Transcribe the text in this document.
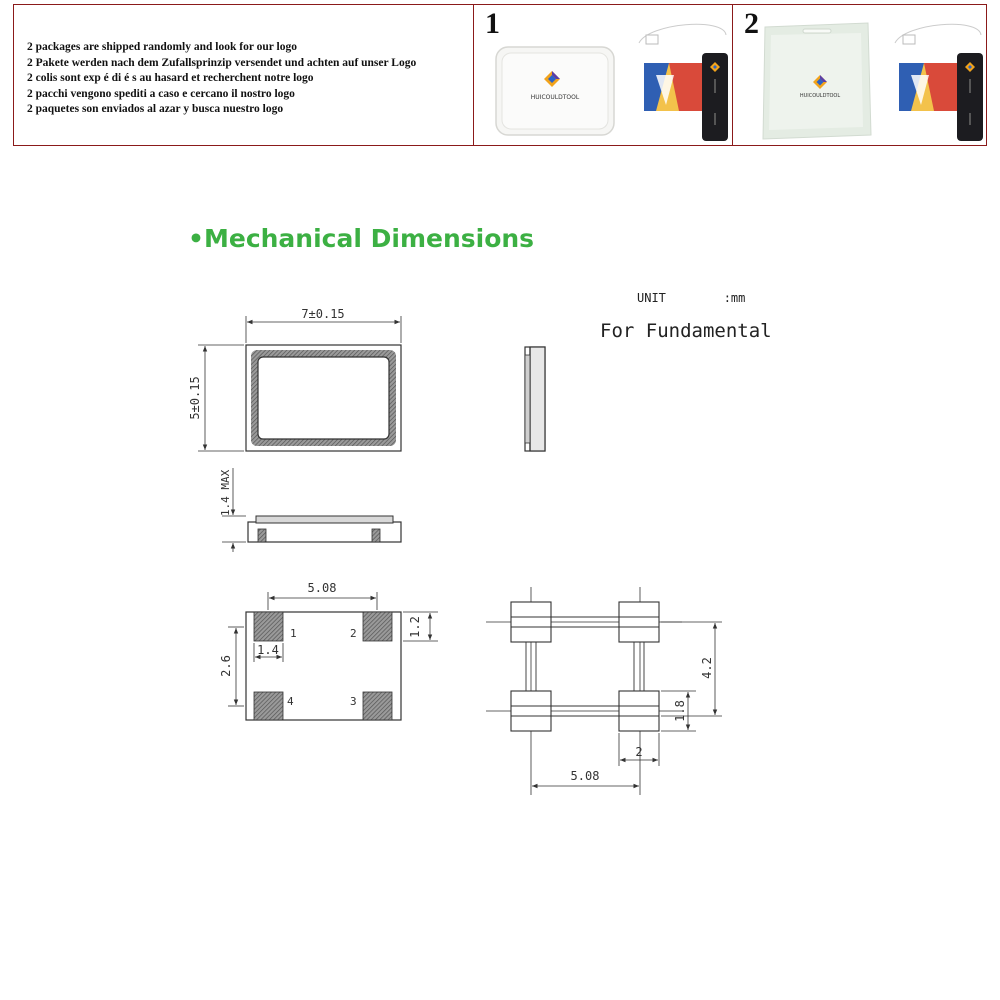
2 packages are shipped randomly and look for our logo
2 Pakete werden nach dem Zufallsprinzip versendet und achten auf unser Logo
2 colis sont exp é di é s au hasard et recherchent notre logo
2 pacchi vengono spediti a caso e cercano il nostro logo
2 paquetes son enviados al azar y busca nuestro logo
1
HUICOULDTOOL
2
HUICOULDTOOL
•Mechanical Dimensions
UNIT        :mm
For Fundamental
7±0.15
5±0.15
1.4 MAX
5.08
1.2
1.4
2.6
1	2
3
4
4.2
1.8
2
5.08
